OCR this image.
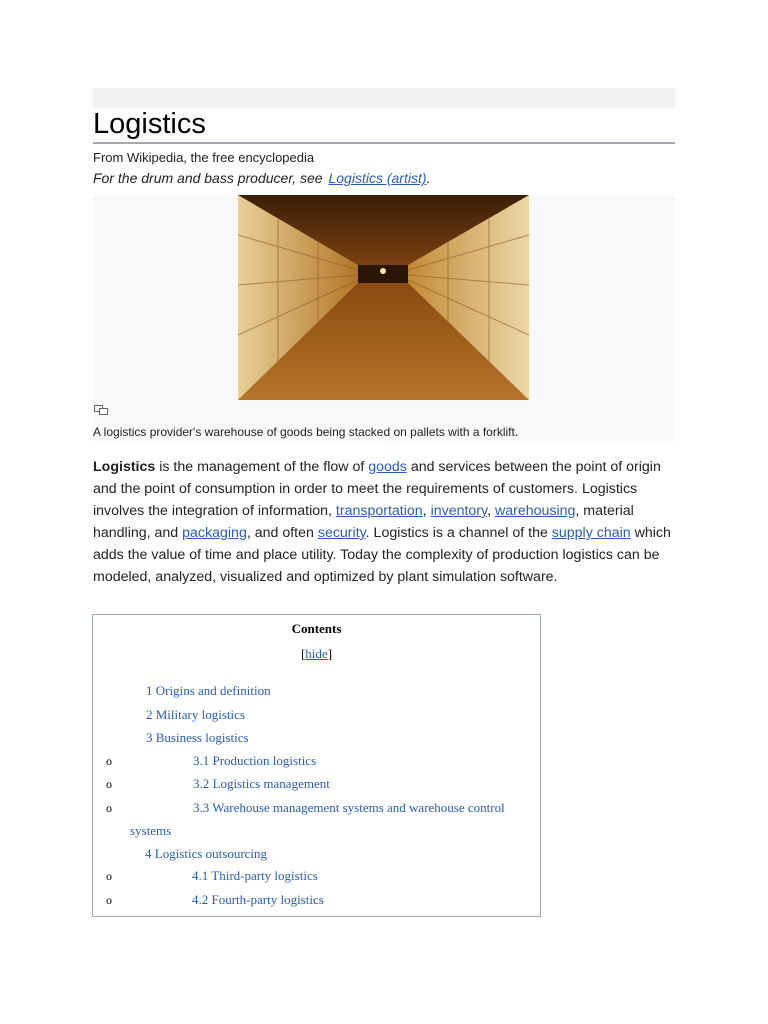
Logistics
From Wikipedia, the free encyclopedia
For the drum and bass producer, see Logistics (artist).
A logistics provider's warehouse of goods being stacked on pallets with a forklift.

Logistics is the management of the flow of goods and services between the point of origin and the point of consumption in order to meet the requirements of customers. Logistics involves the integration of information, transportation, inventory, warehousing, material handling, and packaging, and often security. Logistics is a channel of the supply chain which adds the value of time and place utility. Today the complexity of production logistics can be modeled, analyzed, visualized and optimized by plant simulation software.

Contents
[hide]
1 Origins and definition
2 Military logistics
3 Business logistics
o	3.1 Production logistics
o	3.2 Logistics management
o	3.3 Warehouse management systems and warehouse control
systems
4 Logistics outsourcing
o	4.1 Third-party logistics
o	4.2 Fourth-party logistics
